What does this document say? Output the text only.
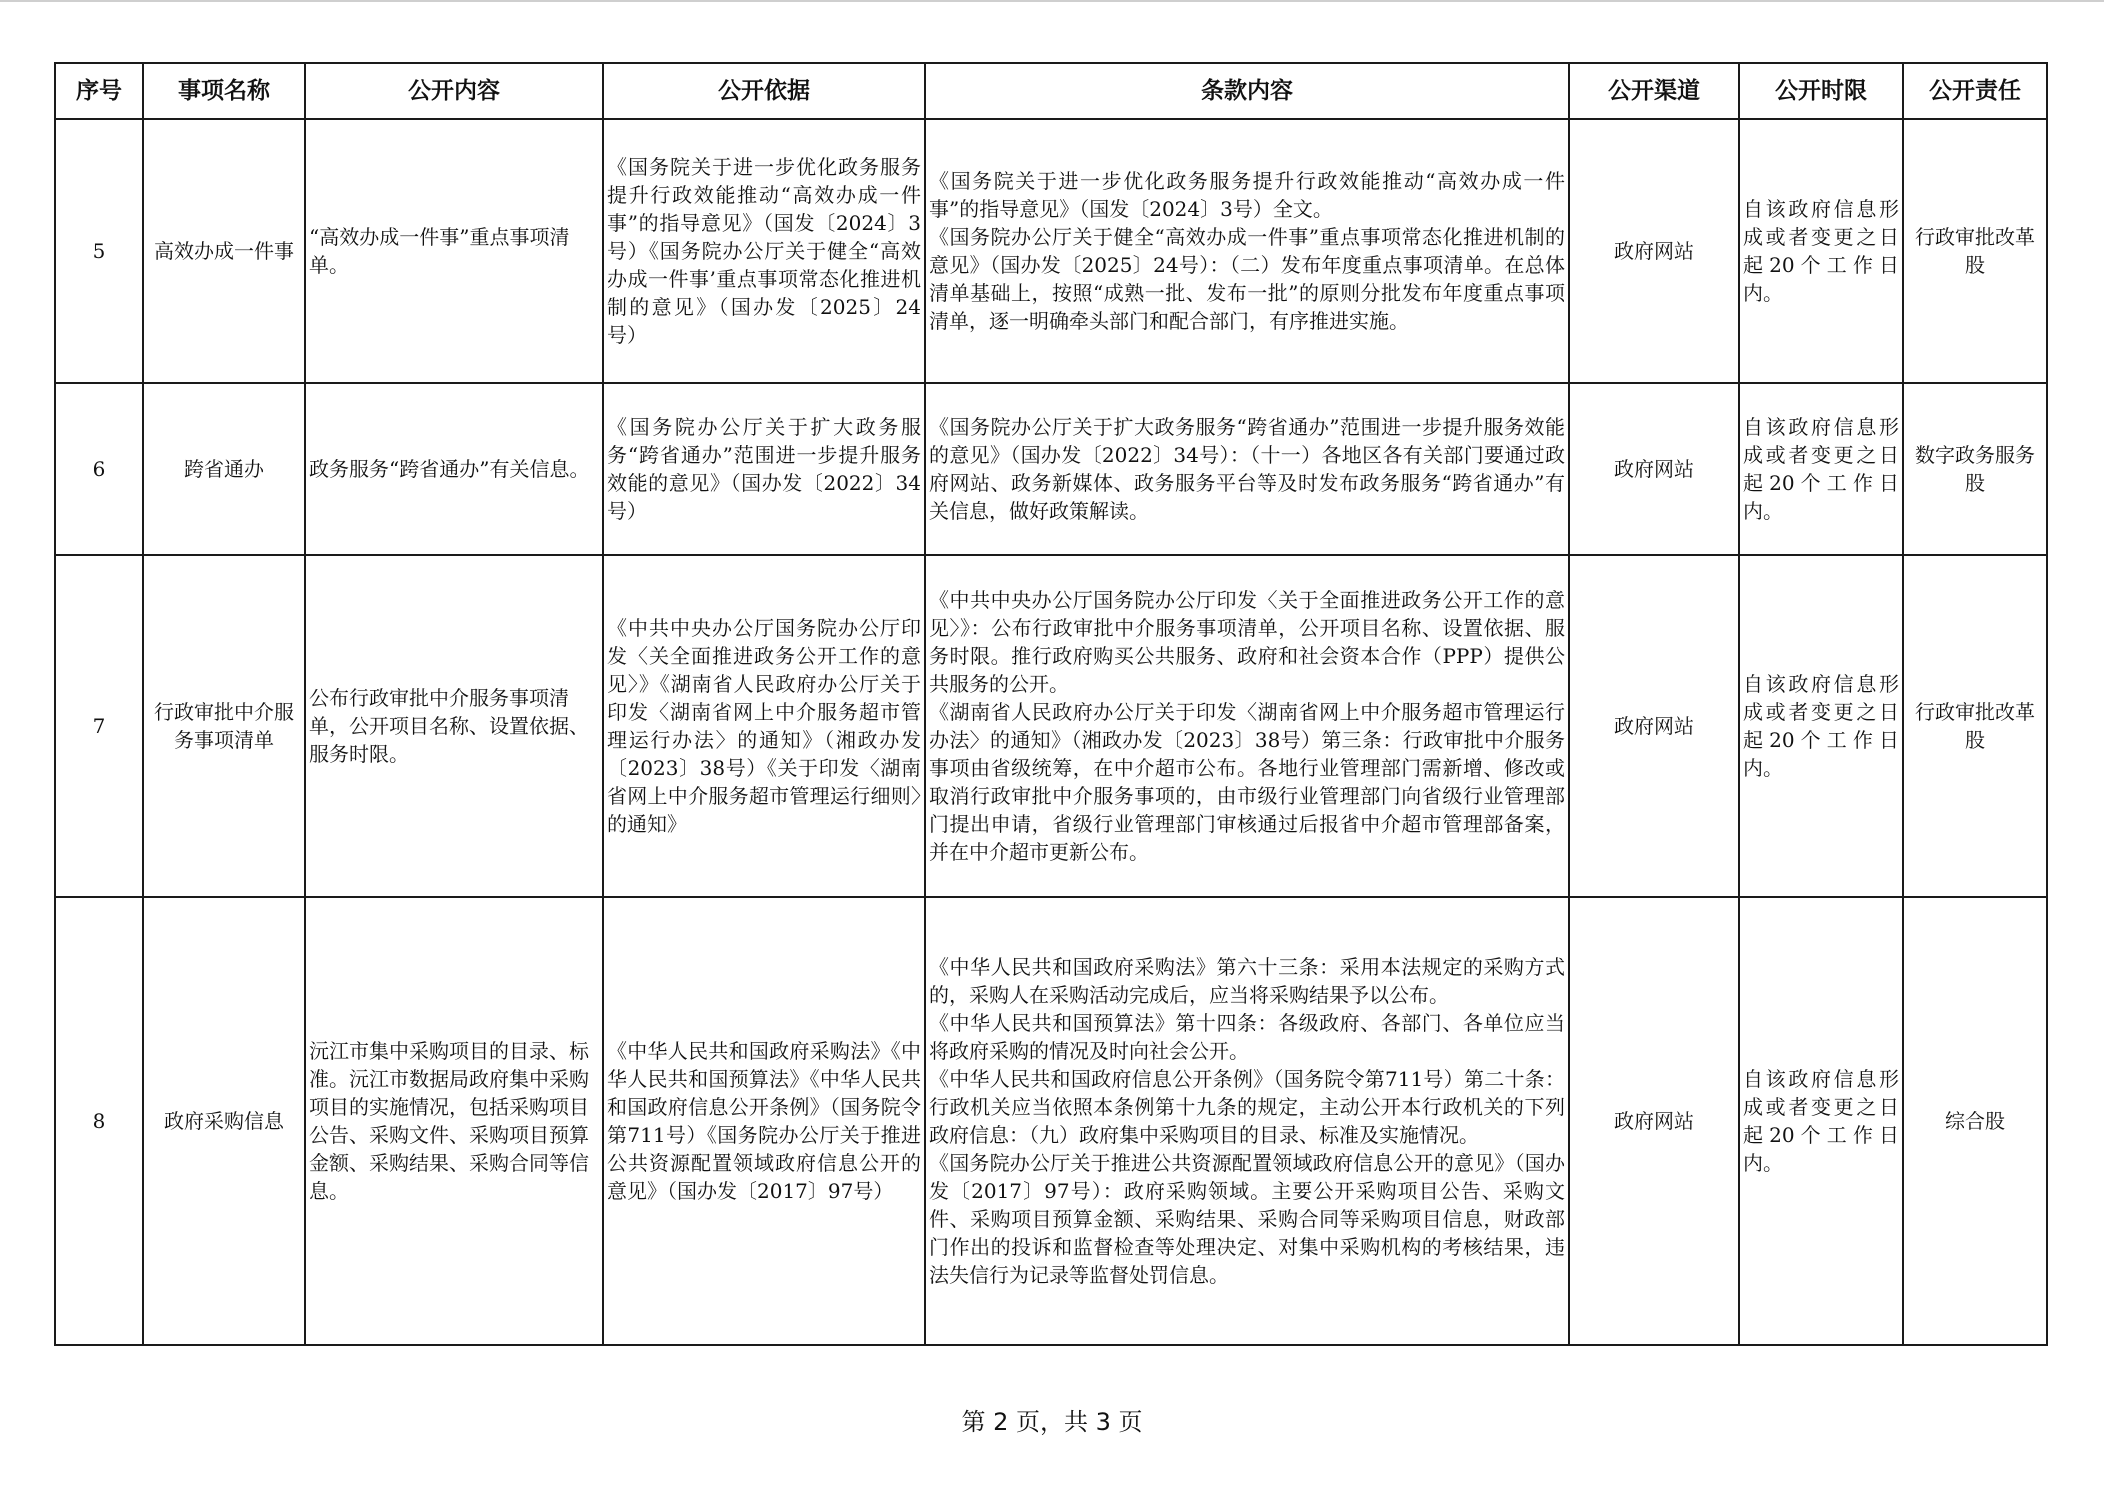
序号	事项名称	公开内容	公开依据	条款内容	公开渠道	公开时限	公开责任
5	高效办成一件事	“高效办成一件事”重点事项清单。	《国务院关于进一步优化政务服务提升行政效能推动“高效办成一件事”的指导意见》（国发〔2024〕3号）《国务院办公厅关于健全“高效办成一件事’重点事项常态化推进机制的意见》（国办发〔2025〕24号）	《国务院关于进一步优化政务服务提升行政效能推动“高效办成一件事”的指导意见》（国发〔2024〕3号）全文。
《国务院办公厅关于健全“高效办成一件事”重点事项常态化推进机制的意见》（国办发〔2025〕24号）：（二）发布年度重点事项清单。在总体清单基础上，按照“成熟一批、发布一批”的原则分批发布年度重点事项清单，逐一明确牵头部门和配合部门，有序推进实施。	政府网站	自该政府信息形成或者变更之日起20个工作日内。	行政审批改革股
6	跨省通办	政务服务“跨省通办”有关信息。	《国务院办公厅关于扩大政务服务“跨省通办”范围进一步提升服务效能的意见》（国办发〔2022〕34号）	《国务院办公厅关于扩大政务服务“跨省通办”范围进一步提升服务效能的意见》（国办发〔2022〕34号）：（十一）各地区各有关部门要通过政府网站、政务新媒体、政务服务平台等及时发布政务服务“跨省通办”有关信息，做好政策解读。	政府网站	自该政府信息形成或者变更之日起20个工作日内。	数字政务服务股
7	行政审批中介服务事项清单	公布行政审批中介服务事项清单，公开项目名称、设置依据、服务时限。	《中共中央办公厅国务院办公厅印发〈关全面推进政务公开工作的意见〉》《湖南省人民政府办公厅关于印发〈湖南省网上中介服务超市管理运行办法〉的通知》（湘政办发〔2023〕38号）《关于印发〈湖南省网上中介服务超市管理运行细则〉的通知》	《中共中央办公厅国务院办公厅印发〈关于全面推进政务公开工作的意见〉》：公布行政审批中介服务事项清单，公开项目名称、设置依据、服务时限。推行政府购买公共服务、政府和社会资本合作（PPP）提供公共服务的公开。
《湖南省人民政府办公厅关于印发〈湖南省网上中介服务超市管理运行办法〉的通知》（湘政办发〔2023〕38号）第三条：行政审批中介服务事项由省级统筹，在中介超市公布。各地行业管理部门需新增、修改或取消行政审批中介服务事项的，由市级行业管理部门向省级行业管理部门提出申请，省级行业管理部门审核通过后报省中介超市管理部备案，并在中介超市更新公布。	政府网站	自该政府信息形成或者变更之日起20个工作日内。	行政审批改革股
8	政府采购信息	沅江市集中采购项目的目录、标准。沅江市数据局政府集中采购项目的实施情况，包括采购项目公告、采购文件、采购项目预算金额、采购结果、采购合同等信息。	《中华人民共和国政府采购法》《中华人民共和国预算法》《中华人民共和国政府信息公开条例》（国务院令第711号）《国务院办公厅关于推进公共资源配置领域政府信息公开的意见》（国办发〔2017〕97号）	《中华人民共和国政府采购法》第六十三条：采用本法规定的采购方式的，采购人在采购活动完成后，应当将采购结果予以公布。
《中华人民共和国预算法》第十四条：各级政府、各部门、各单位应当将政府采购的情况及时向社会公开。
《中华人民共和国政府信息公开条例》（国务院令第711号）第二十条：行政机关应当依照本条例第十九条的规定，主动公开本行政机关的下列政府信息：（九）政府集中采购项目的目录、标准及实施情况。
《国务院办公厅关于推进公共资源配置领域政府信息公开的意见》（国办发〔2017〕97号）：政府采购领域。主要公开采购项目公告、采购文件、采购项目预算金额、采购结果、采购合同等采购项目信息，财政部门作出的投诉和监督检查等处理决定、对集中采购机构的考核结果，违法失信行为记录等监督处罚信息。	政府网站	自该政府信息形成或者变更之日起20个工作日内。	综合股
第 2 页，共 3 页
